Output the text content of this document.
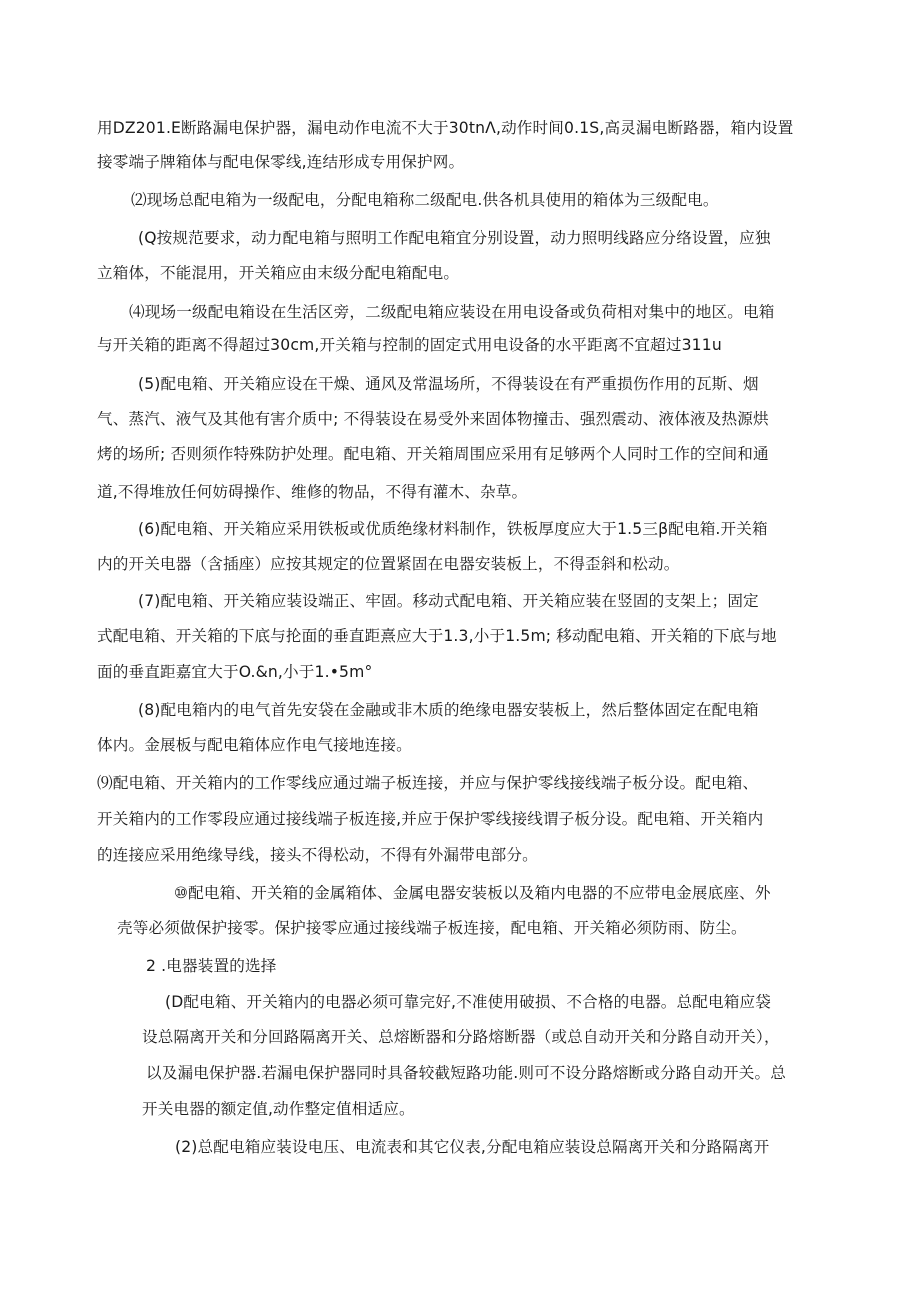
用DZ201.E断路漏电保护器，漏电动作电流不大于30tnΛ,动作时间0.1S,高灵漏电断路器，箱内设置
接零端子牌箱体与配电保零线,连结形成专用保护网。
⑵现场总配电箱为一级配电，分配电箱称二级配电.供各机具使用的箱体为三级配电。
(Q按规范要求，动力配电箱与照明工作配电箱宜分别设置，动力照明线路应分络设置，应独
立箱体，不能混用，开关箱应由末级分配电箱配电。
⑷现场一级配电箱设在生活区旁，二级配电箱应装设在用电设备或负荷相对集中的地区。电箱
与开关箱的距离不得超过30cm,开关箱与控制的固定式用电设备的水平距离不宜超过311u
(5)配电箱、开关箱应设在干燥、通风及常温场所，不得装设在有严重损伤作用的瓦斯、烟
气、蒸汽、液气及其他有害介质中; 不得装设在易受外来固体物撞击、强烈震动、液体液及热源烘
烤的场所; 否则须作特殊防护处理。配电箱、开关箱周围应采用有足够两个人同时工作的空间和通
道,不得堆放任何妨碍操作、维修的物品，不得有灌木、杂草。
(6)配电箱、开关箱应采用铁板或优质绝缘材料制作，铁板厚度应大于1.5三β配电箱.开关箱
内的开关电器（含插座）应按其规定的位置紧固在电器安装板上，不得歪斜和松动。
(7)配电箱、开关箱应装设端正、牢固。移动式配电箱、开关箱应装在竖固的支架上；固定
式配电箱、开关箱的下底与抡面的垂直距熹应大于1.3,小于1.5m; 移动配电箱、开关箱的下底与地
面的垂直距嘉宜大于O.&n,小于1.•5m°
(8)配电箱内的电气首先安袋在金融或非木质的绝缘电器安装板上，然后整体固定在配电箱
体内。金展板与配电箱体应作电气接地连接。
⑼配电箱、开关箱内的工作零线应通过端子板连接，并应与保护零线接线端子板分设。配电箱、
开关箱内的工作零段应通过接线端子板连接,并应于保护零线接线谓子板分设。配电箱、开关箱内
的连接应采用绝缘导线，接头不得松动，不得有外漏带电部分。
⑩配电箱、开关箱的金属箱体、金属电器安装板以及箱内电器的不应带电金展底座、外
壳等必须做保护接零。保护接零应通过接线端子板连接，配电箱、开关箱必须防雨、防尘。
2 .电器装置的选择
(D配电箱、开关箱内的电器必须可靠完好,不准使用破损、不合格的电器。总配电箱应袋
设总隔离开关和分回路隔离开关、总熔断器和分路熔断器（或总自动开关和分路自动开关），
以及漏电保护器.若漏电保护器同时具备较截短路功能.则可不设分路熔断或分路自动开关。总
开关电器的额定值,动作整定值相适应。
(2)总配电箱应装设电压、电流表和其它仪表,分配电箱应装设总隔离开关和分路隔离开
